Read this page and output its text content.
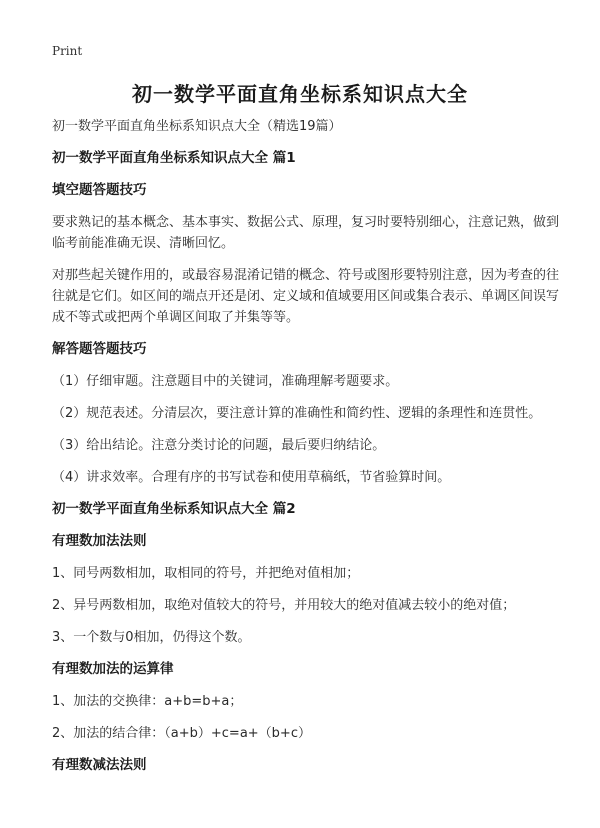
Print
初一数学平面直角坐标系知识点大全

初一数学平面直角坐标系知识点大全（精选19篇）

初一数学平面直角坐标系知识点大全 篇1

填空题答题技巧

要求熟记的基本概念、基本事实、数据公式、原理，复习时要特别细心，注意记熟，做到临考前能准确无误、清晰回忆。

对那些起关键作用的，或最容易混淆记错的概念、符号或图形要特别注意，因为考查的往往就是它们。如区间的端点开还是闭、定义域和值域要用区间或集合表示、单调区间误写成不等式或把两个单调区间取了并集等等。

解答题答题技巧

（1）仔细审题。注意题目中的关键词，准确理解考题要求。

（2）规范表述。分清层次，要注意计算的准确性和简约性、逻辑的条理性和连贯性。

（3）给出结论。注意分类讨论的问题，最后要归纳结论。

（4）讲求效率。合理有序的书写试卷和使用草稿纸，节省验算时间。

初一数学平面直角坐标系知识点大全 篇2

有理数加法法则

1、同号两数相加，取相同的符号，并把绝对值相加；

2、异号两数相加，取绝对值较大的符号，并用较大的绝对值减去较小的绝对值；

3、一个数与0相加，仍得这个数。

有理数加法的运算律

1、加法的交换律：a+b=b+a；

2、加法的结合律：（a+b）+c=a+（b+c）

有理数减法法则
